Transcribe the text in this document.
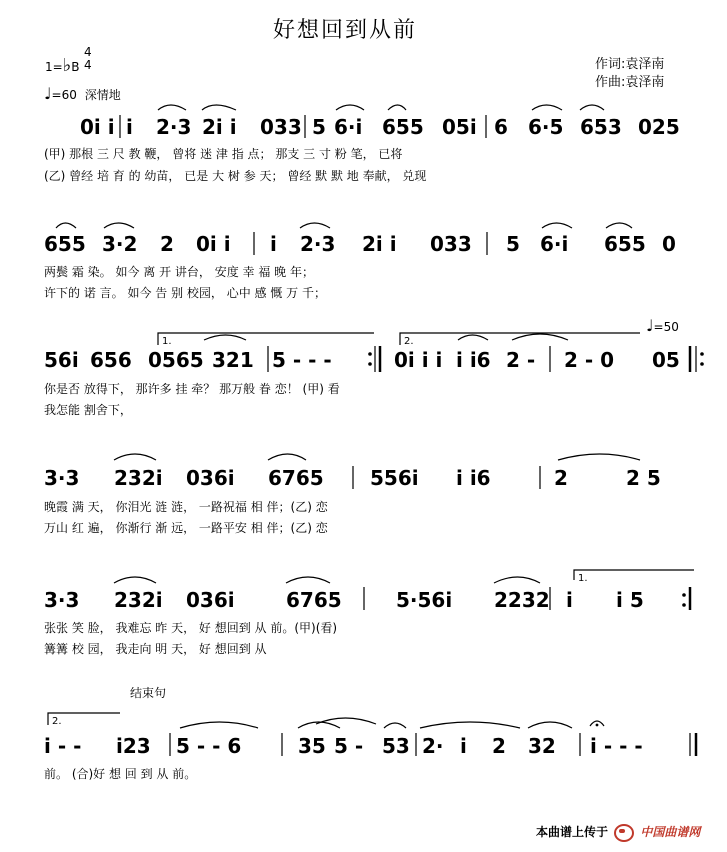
好想回到从前
1=♭B
4
4
♩=60 深情地
作词:袁泽南
作曲:袁泽南
♩=50
1.	2.
1.
2.
结束句
0i i i 2·3 2i i 033 5 6·i 655 05i 6 6·5 653 025
(甲) 那根 三 尺 教 鞭， 曾将 迷 津 指 点； 那支 三 寸 粉 笔， 已将
(乙) 曾经 培 育 的 幼苗， 已是 大 树 参 天； 曾经 默 默 地 奉献， 兑现
655 3·2 2 0i i i 2·3 2i i 033 5 6·i 655 0
两鬓 霜 染。 如今 离 开 讲台， 安度 幸 福 晚 年；
许下的 诺 言。 如今 告 别 校园， 心中 感 慨 万 千；
56i 656 0565 321 5 - - -	0i i i i i6 2 - 2 - 0 05
你是否 放得下， 那许多 挂 牵？ 那万般 眷 恋！ (甲) 看
我怎能 割舍下，
3·3 232i 036i 6765 556i i i6	2	2 5
晚霞 满 天， 你泪光 涟 涟， 一路祝福 相 伴；(乙) 恋
万山 红 遍， 你渐行 渐 远， 一路平安 相 伴；(乙) 恋
3·3 232i 036i	6765	5·56i 2232 i i 5
张张 笑 脸， 我难忘 昨 天， 好 想回到 从 前。(甲)(看)
篝篝 校 园， 我走向 明 天， 好 想回到 从
i - - i23 5 - - 6	35 5 - 53 2· i 2 32 i - - -
前。 (合)好 想 回 到 从 前。
本曲谱上传于	中国曲谱网
